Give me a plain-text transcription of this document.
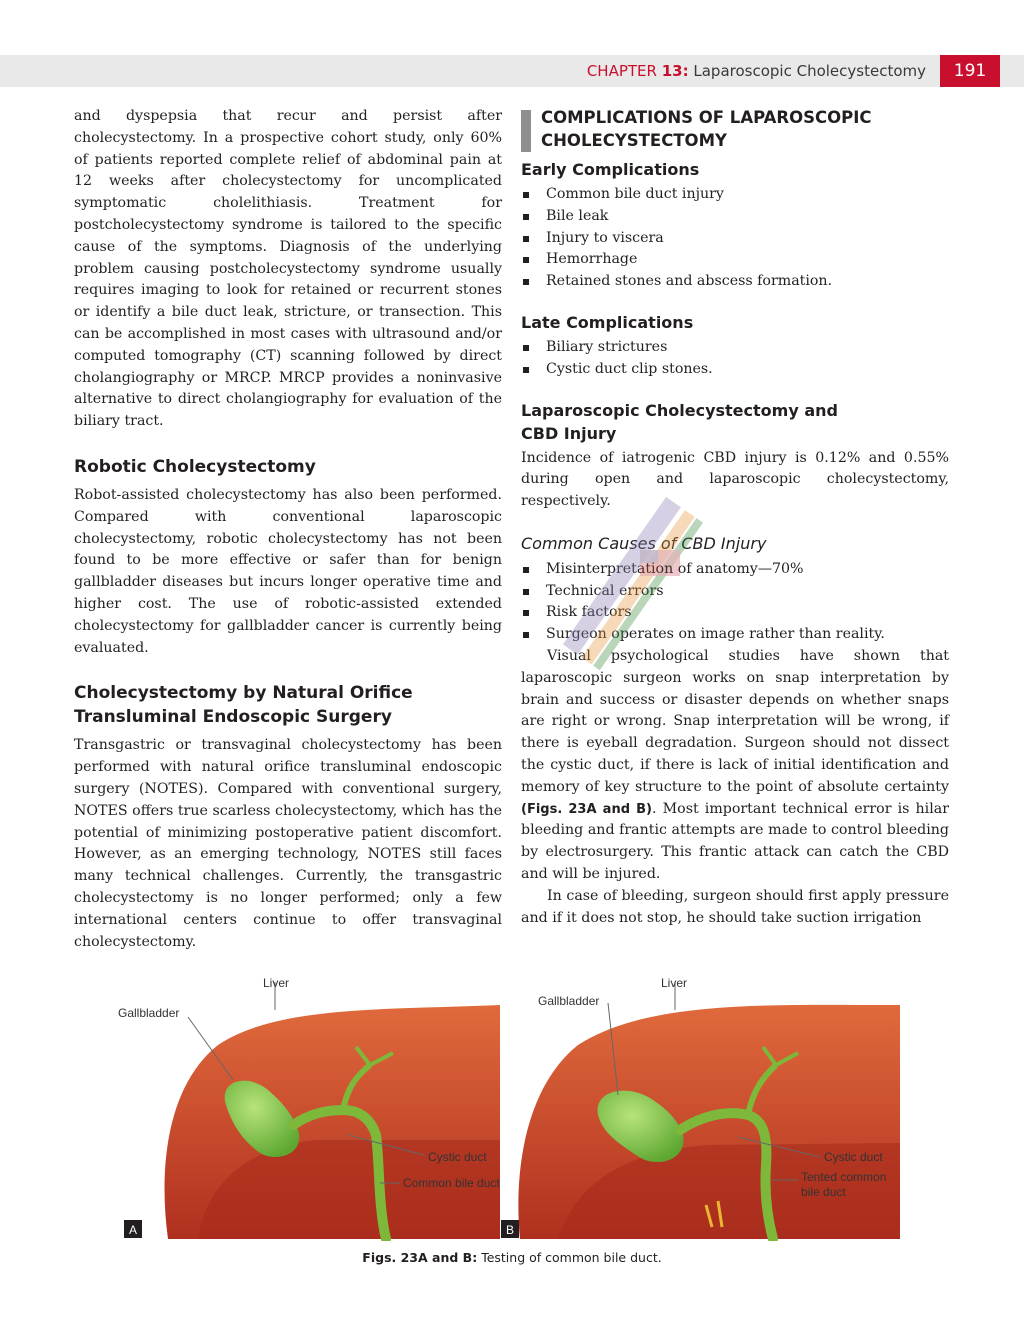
CHAPTER 13: Laparoscopic Cholecystectomy	191

and dyspepsia that recur and persist after cholecystectomy. In a prospective cohort study, only 60% of patients reported complete relief of abdominal pain at 12 weeks after cholecystectomy for uncomplicated symptomatic cholelithiasis. Treatment for postcholecystectomy syndrome is tailored to the specific cause of the symptoms. Diagnosis of the underlying problem causing postcholecystectomy syndrome usually requires imaging to look for retained or recurrent stones or identify a bile duct leak, stricture, or transection. This can be accomplished in most cases with ultrasound and/or computed tomography (CT) scanning followed by direct cholangiography or MRCP. MRCP provides a noninvasive alternative to direct cholangiography for evaluation of the biliary tract.

Robotic Cholecystectomy

Robot-assisted cholecystectomy has also been performed. Compared with conventional laparoscopic cholecystectomy, robotic cholecystectomy has not been found to be more effective or safer than for benign gallbladder diseases but incurs longer operative time and higher cost. The use of robotic-assisted extended cholecystectomy for gallbladder cancer is currently being evaluated.

Cholecystectomy by Natural Orifice
Transluminal Endoscopic Surgery

Transgastric or transvaginal cholecystectomy has been performed with natural orifice transluminal endoscopic surgery (NOTES). Compared with conventional surgery, NOTES offers true scarless cholecystectomy, which has the potential of minimizing postoperative patient discomfort. However, as an emerging technology, NOTES still faces many technical challenges. Currently, the transgastric cholecystectomy is no longer performed; only a few international centers continue to offer transvaginal cholecystectomy.

COMPLICATIONS OF LAPAROSCOPIC
CHOLECYSTECTOMY
Early Complications
Common bile duct injury
Bile leak
Injury to viscera
Hemorrhage
Retained stones and abscess formation.
Late Complications
Biliary strictures
Cystic duct clip stones.
Laparoscopic Cholecystectomy and
CBD Injury

Incidence of iatrogenic CBD injury is 0.12% and 0.55% during open and laparoscopic cholecystectomy, respectively.

Common Causes of CBD Injury
Misinterpretation of anatomy—70%
Technical errors
Risk factors
Surgeon operates on image rather than reality.

Visual psychological studies have shown that laparoscopic surgeon works on snap interpretation by brain and success or disaster depends on whether snaps are right or wrong. Snap interpretation will be wrong, if there is eyeball degradation. Surgeon should not dissect the cystic duct, if there is lack of initial identification and memory of key structure to the point of absolute certainty (Figs. 23A and B). Most important technical error is hilar bleeding and frantic attempts are made to control bleeding by electrosurgery. This frantic attack can catch the CBD and will be injured.

In case of bleeding, surgeon should first apply pressure and if it does not stop, he should take suction irrigation

Liver
Gallbladder
Cystic duct
Common bile duct
A
Liver
Gallbladder
Cystic duct
Tented common
bile duct
B
Figs. 23A and B: Testing of common bile duct.
